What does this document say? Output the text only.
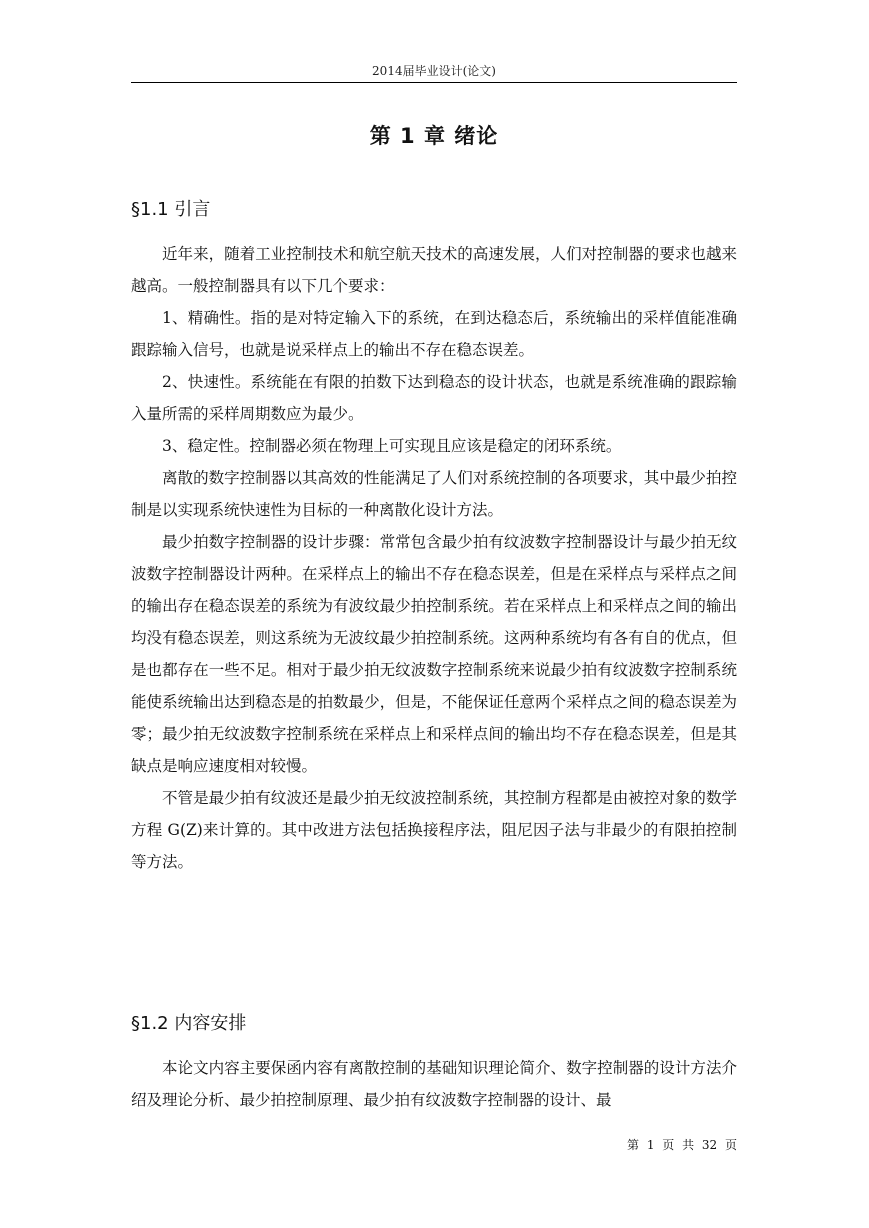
2014届毕业设计(论文)
第 1 章 绪论
§1.1 引言

近年来，随着工业控制技术和航空航天技术的高速发展，人们对控制器的要求也越来越高。一般控制器具有以下几个要求：

1、精确性。指的是对特定输入下的系统，在到达稳态后，系统输出的采样值能准确跟踪输入信号，也就是说采样点上的输出不存在稳态误差。

2、快速性。系统能在有限的拍数下达到稳态的设计状态，也就是系统准确的跟踪输入量所需的采样周期数应为最少。

3、稳定性。控制器必须在物理上可实现且应该是稳定的闭环系统。

离散的数字控制器以其高效的性能满足了人们对系统控制的各项要求，其中最少拍控制是以实现系统快速性为目标的一种离散化设计方法。

最少拍数字控制器的设计步骤：常常包含最少拍有纹波数字控制器设计与最少拍无纹波数字控制器设计两种。在采样点上的输出不存在稳态误差，但是在采样点与采样点之间的输出存在稳态误差的系统为有波纹最少拍控制系统。若在采样点上和采样点之间的输出均没有稳态误差，则这系统为无波纹最少拍控制系统。这两种系统均有各有自的优点，但是也都存在一些不足。相对于最少拍无纹波数字控制系统来说最少拍有纹波数字控制系统能使系统输出达到稳态是的拍数最少，但是，不能保证任意两个采样点之间的稳态误差为零；最少拍无纹波数字控制系统在采样点上和采样点间的输出均不存在稳态误差，但是其缺点是响应速度相对较慢。

不管是最少拍有纹波还是最少拍无纹波控制系统，其控制方程都是由被控对象的数学方程 G(Z)来计算的。其中改进方法包括换接程序法，阻尼因子法与非最少的有限拍控制等方法。

§1.2 内容安排

本论文内容主要保函内容有离散控制的基础知识理论简介、数字控制器的设计方法介绍及理论分析、最少拍控制原理、最少拍有纹波数字控制器的设计、最

第 1 页 共 32 页
